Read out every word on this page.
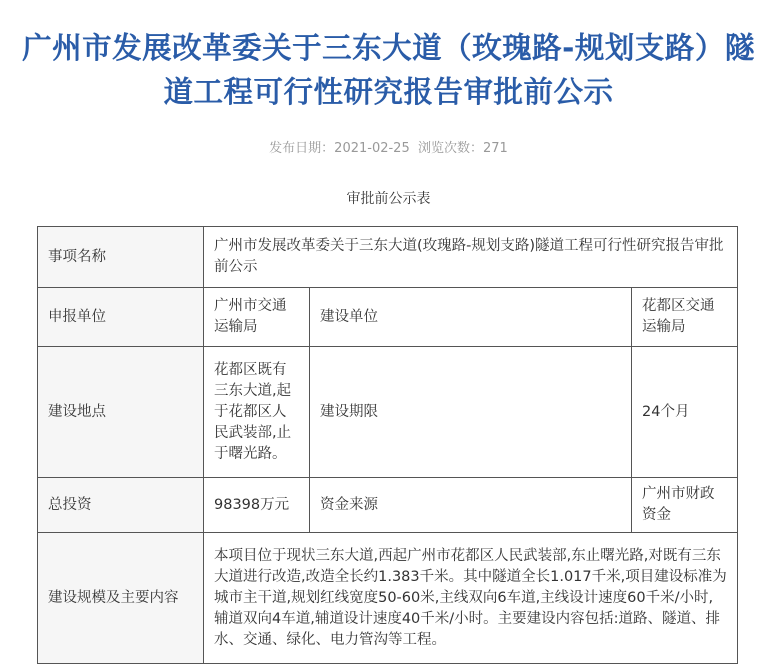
广州市发展改革委关于三东大道（玫瑰路-规划支路）隧道工程可行性研究报告审批前公示
发布日期：2021-02-25  浏览次数：271
审批前公示表
事项名称	广州市发展改革委关于三东大道(玫瑰路-规划支路)隧道工程可行性研究报告审批前公示		
申报单位	广州市交通运输局	建设单位	花都区交通运输局
建设地点	花都区既有三东大道,起于花都区人民武装部,止于曙光路。	建设期限	24个月
总投资	98398万元	资金来源	广州市财政资金
建设规模及主要内容	本项目位于现状三东大道,西起广州市花都区人民武装部,东止曙光路,对既有三东大道进行改造,改造全长约1.383千米。其中隧道全长1.017千米,项目建设标准为城市主干道,规划红线宽度50-60米,主线双向6车道,主线设计速度60千米/小时,辅道双向4车道,辅道设计速度40千米/小时。主要建设内容包括:道路、隧道、排水、交通、绿化、电力管沟等工程。		
